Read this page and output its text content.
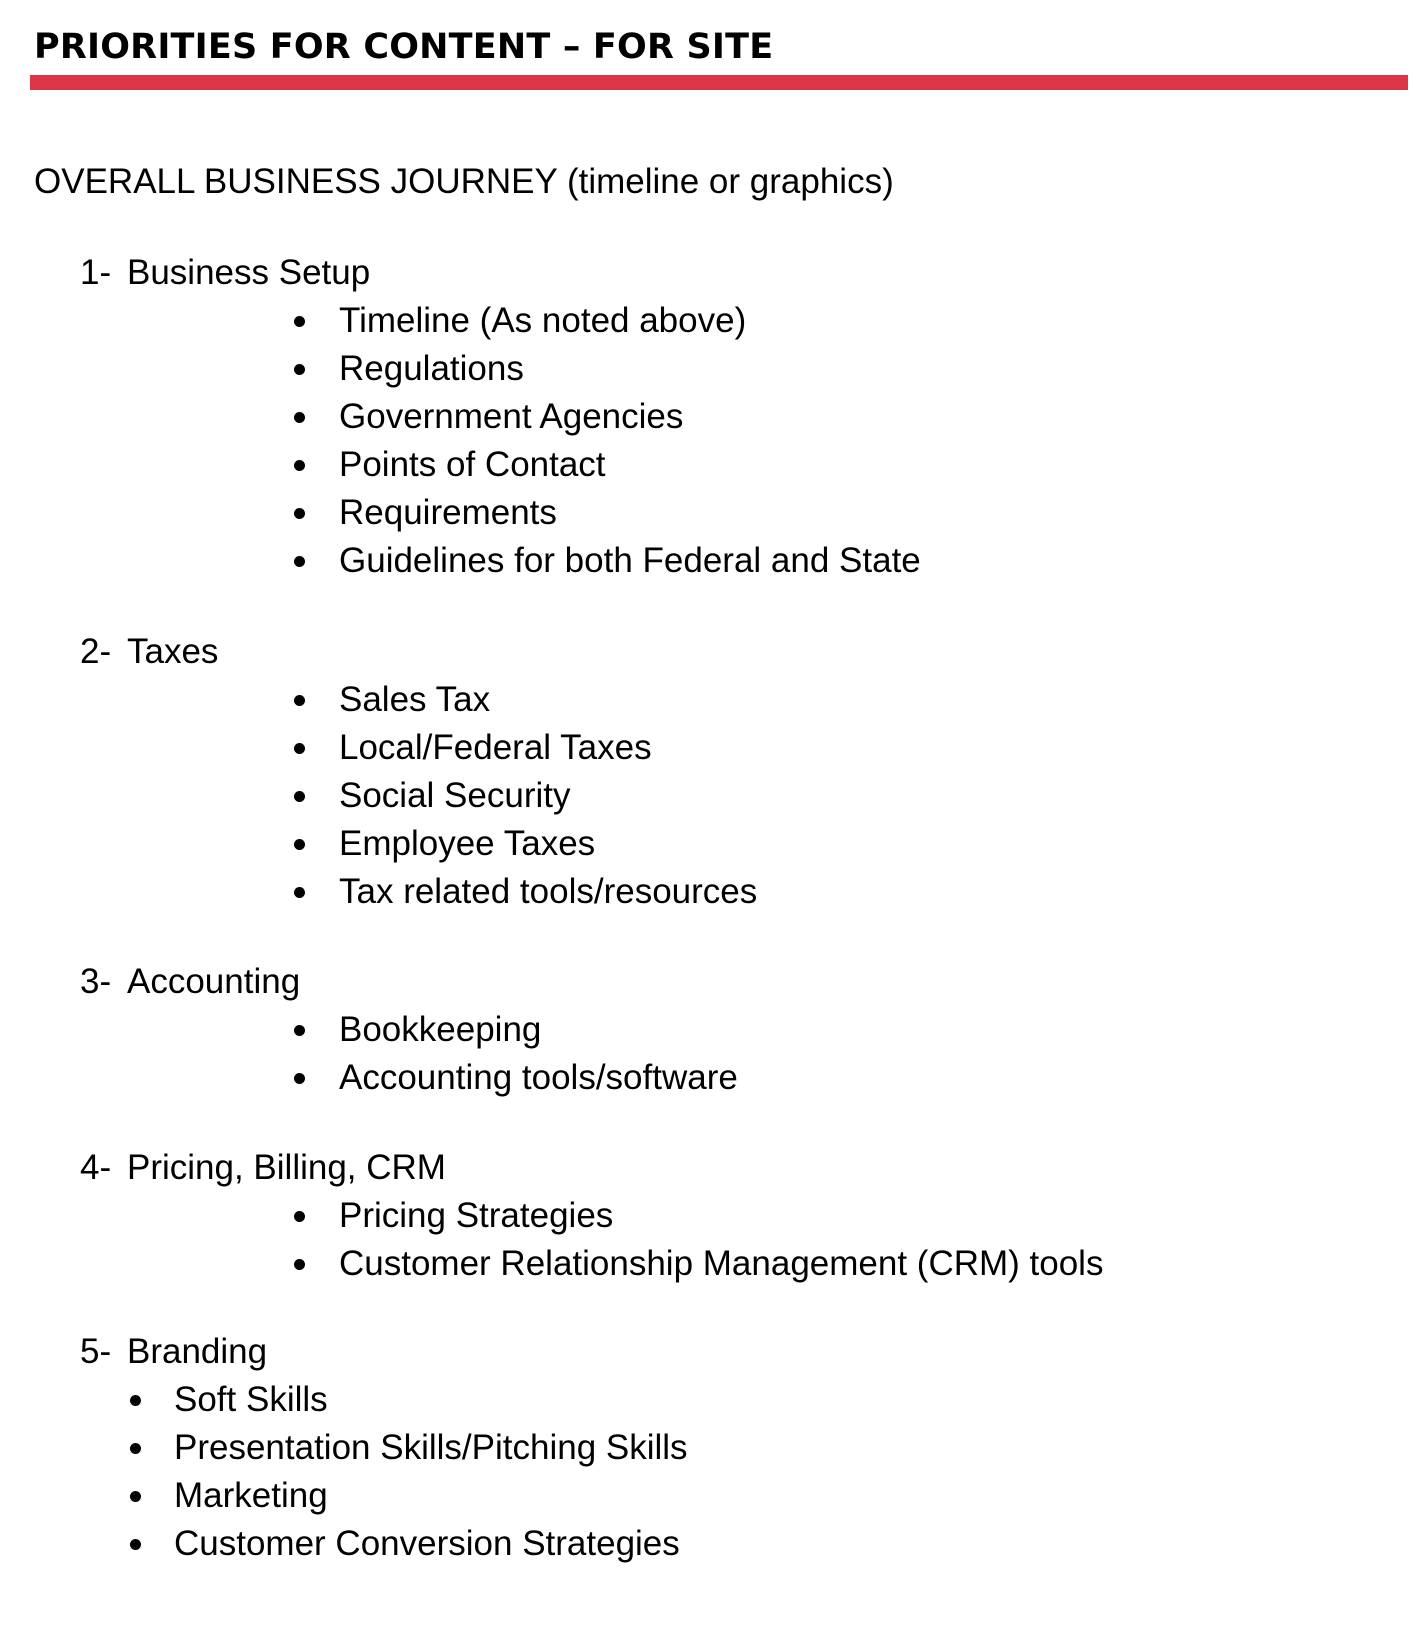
PRIORITIES FOR CONTENT – FOR SITE
OVERALL BUSINESS JOURNEY (timeline or graphics)
1- Business Setup
Timeline (As noted above)
Regulations
Government Agencies
Points of Contact
Requirements
Guidelines for both Federal and State
2- Taxes
Sales Tax
Local/Federal Taxes
Social Security
Employee Taxes
Tax related tools/resources
3- Accounting
Bookkeeping
Accounting tools/software
4- Pricing, Billing, CRM
Pricing Strategies
Customer Relationship Management (CRM) tools
5- Branding
Soft Skills
Presentation Skills/Pitching Skills
Marketing
Customer Conversion Strategies
